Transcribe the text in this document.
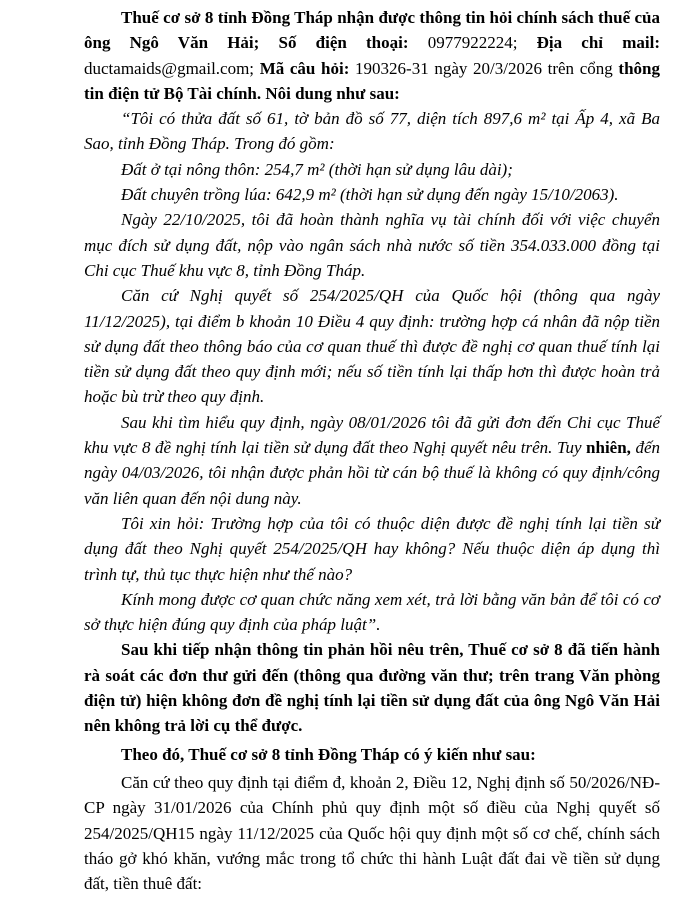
Thuế cơ sở 8 tỉnh Đồng Tháp nhận được thông tin hỏi chính sách thuế của ông Ngô Văn Hải; Số điện thoại: 0977922224; Địa chỉ mail: ductamaids@gmail.com; Mã câu hỏi: 190326-31 ngày 20/3/2026 trên cổng thông tin điện tử Bộ Tài chính. Nôi dung như sau:

“Tôi có thửa đất số 61, tờ bản đồ số 77, diện tích 897,6 m² tại Ấp 4, xã Ba Sao, tỉnh Đồng Tháp. Trong đó gồm:

Đất ở tại nông thôn: 254,7 m² (thời hạn sử dụng lâu dài);

Đất chuyên trồng lúa: 642,9 m² (thời hạn sử dụng đến ngày 15/10/2063).

Ngày 22/10/2025, tôi đã hoàn thành nghĩa vụ tài chính đối với việc chuyển mục đích sử dụng đất, nộp vào ngân sách nhà nước số tiền 354.033.000 đồng tại Chi cục Thuế khu vực 8, tỉnh Đồng Tháp.

Căn cứ Nghị quyết số 254/2025/QH của Quốc hội (thông qua ngày 11/12/2025), tại điểm b khoản 10 Điều 4 quy định: trường hợp cá nhân đã nộp tiền sử dụng đất theo thông báo của cơ quan thuế thì được đề nghị cơ quan thuế tính lại tiền sử dụng đất theo quy định mới; nếu số tiền tính lại thấp hơn thì được hoàn trả hoặc bù trừ theo quy định.

Sau khi tìm hiểu quy định, ngày 08/01/2026 tôi đã gửi đơn đến Chi cục Thuế khu vực 8 đề nghị tính lại tiền sử dụng đất theo Nghị quyết nêu trên. Tuy nhiên, đến ngày 04/03/2026, tôi nhận được phản hồi từ cán bộ thuế là không có quy định/công văn liên quan đến nội dung này.

Tôi xin hỏi: Trường hợp của tôi có thuộc diện được đề nghị tính lại tiền sử dụng đất theo Nghị quyết 254/2025/QH hay không? Nếu thuộc diện áp dụng thì trình tự, thủ tục thực hiện như thế nào?

Kính mong được cơ quan chức năng xem xét, trả lời bằng văn bản để tôi có cơ sở thực hiện đúng quy định của pháp luật”.

Sau khi tiếp nhận thông tin phản hồi nêu trên, Thuế cơ sở 8 đã tiến hành rà soát các đơn thư gửi đến (thông qua đường văn thư; trên trang Văn phòng điện tử) hiện không đơn đề nghị tính lại tiền sử dụng đất của ông Ngô Văn Hải nên không trả lời cụ thể được.

Theo đó, Thuế cơ sở 8 tỉnh Đồng Tháp có ý kiến như sau:

Căn cứ theo quy định tại điểm đ, khoản 2, Điều 12, Nghị định số 50/2026/NĐ-CP ngày 31/01/2026 của Chính phủ quy định một số điều của Nghị quyết số 254/2025/QH15 ngày 11/12/2025 của Quốc hội quy định một số cơ chế, chính sách tháo gở khó khăn, vướng mắc trong tổ chức thi hành Luật đất đai về tiền sử dụng đất, tiền thuê đất:
